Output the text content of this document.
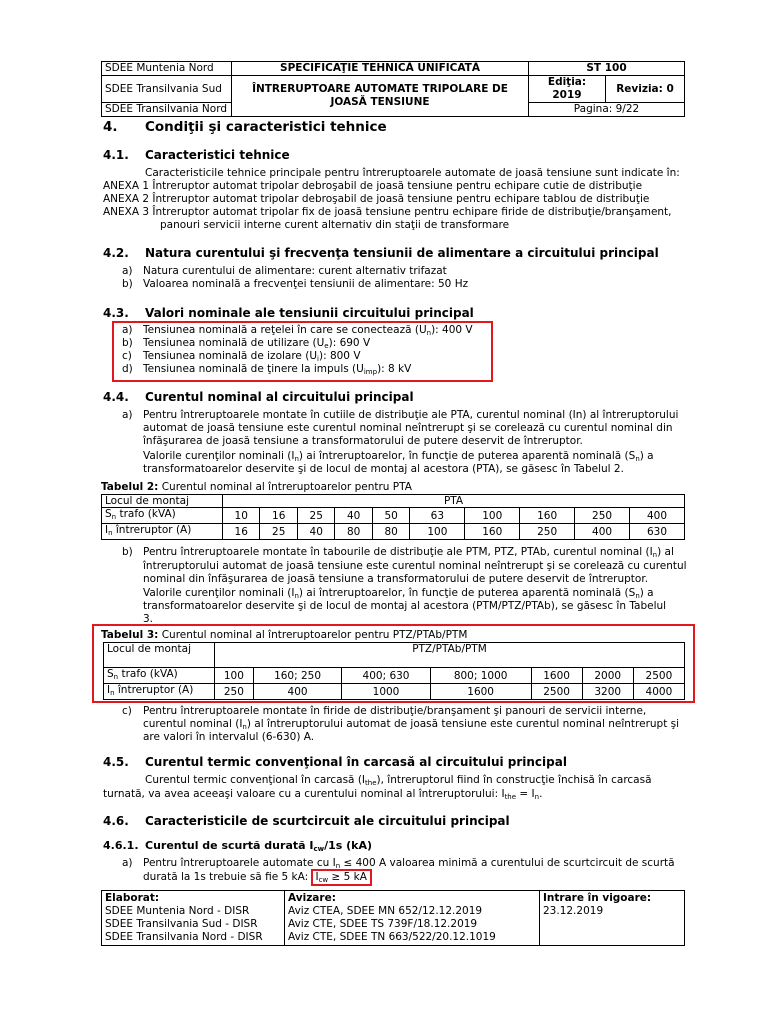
SDEE Muntenia Nord	SPECIFICAŢIE TEHNICĂ UNIFICATĂ	ST 100	
SDEE Transilvania Sud	ÎNTRERUPTOARE AUTOMATE TRIPOLARE DE JOASĂ TENSIUNE	Ediţia: 2019	Revizia: 0
SDEE Transilvania Nord		Pagina: 9/22	
4. Condiţii şi caracteristici tehnice
4.1. Caracteristici tehnice
Caracteristicile tehnice principale pentru întreruptoarele automate de joasă tensiune sunt indicate în:
ANEXA 1 Întreruptor automat tripolar debroşabil de joasă tensiune pentru echipare cutie de distribuţie
ANEXA 2 Întreruptor automat tripolar debroşabil de joasă tensiune pentru echipare tablou de distribuţie
ANEXA 3 Întreruptor automat tripolar fix de joasă tensiune pentru echipare firide de distribuţie/branşament,
panouri servicii interne curent alternativ din staţii de transformare
4.2. Natura curentului şi frecvenţa tensiunii de alimentare a circuitului principal
a) Natura curentului de alimentare: curent alternativ trifazat
b) Valoarea nominală a frecvenţei tensiunii de alimentare: 50 Hz
4.3. Valori nominale ale tensiunii circuitului principal
a) Tensiunea nominală a reţelei în care se conectează $(U_n)$: 400 V
b) Tensiunea nominală de utilizare $(U_e)$: 690 V
c) Tensiunea nominală de izolare $(U_i)$: 800 V
d) Tensiunea nominală de ţinere la impuls $(U_{imp})$: 8 kV
4.4. Curentul nominal al circuitului principal
a) Pentru întreruptoarele montate în cutiile de distribuţie ale PTA, curentul nominal (In) al întreruptorului
automat de joasă tensiune este curentul nominal neîntrerupt şi se corelează cu curentul nominal din
înfăşurarea de joasă tensiune a transformatorului de putere deservit de întreruptor.
Valorile curenţilor nominali $(I_n)$ ai întreruptoarelor, în funcţie de puterea aparentă nominală $(S_n)$ a
transformatoarelor deservite şi de locul de montaj al acestora (PTA), se găsesc în Tabelul 2.
Tabelul 2: Curentul nominal al întreruptoarelor pentru PTA
Locul de montaj	PTA									
$S_n$ trafo (kVA)	10	16	25	40	50	63	100	160	250	400
$I_n$ întreruptor (A)	16	25	40	80	80	100	160	250	400	630
b) Pentru întreruptoarele montate în tabourile de distribuţie ale PTM, PTZ, PTAb, curentul nominal $(I_n)$ al
întreruptorului automat de joasă tensiune este curentul nominal neîntrerupt şi se corelează cu curentul
nominal din înfăşurarea de joasă tensiune a transformatorului de putere deservit de întreruptor.
Valorile curenţilor nominali $(I_n)$ ai întreruptoarelor, în funcţie de puterea aparentă nominală $(S_n)$ a
transformatoarelor deservite şi de locul de montaj al acestora (PTM/PTZ/PTAb), se găsesc în Tabelul
3.
Tabelul 3: Curentul nominal al întreruptoarelor pentru PTZ/PTAb/PTM
Locul de montaj	PTZ/PTAb/PTM						
$S_n$ trafo (kVA)	100	160; 250	400; 630	800; 1000	1600	2000	2500
$I_n$ întreruptor (A)	250	400	1000	1600	2500	3200	4000
c) Pentru întreruptoarele montate în firide de distribuţie/branşament şi panouri de servicii interne,
curentul nominal $(I_n)$ al întreruptorului automat de joasă tensiune este curentul nominal neîntrerupt şi
are valori în intervalul (6-630) A.
4.5. Curentul termic convenţional în carcasă al circuitului principal
Curentul termic convenţional în carcasă $(I_{the})$, întreruptorul fiind în construcţie închisă în carcasă
turnată, va avea aceeaşi valoare cu a curentului nominal al întreruptorului: $I_{the} = I_n$.
4.6. Caracteristicile de scurtcircuit ale circuitului principal
4.6.1. Curentul de scurtă durată $I_{cw}/1s$ (kA)
a) Pentru întreruptoarele automate cu $I_n \le 400$ A valoarea minimă a curentului de scurtcircuit de scurtă
durată la 1s trebuie să fie 5 kA: $I_{cw} \ge 5$ kA
Elaborat:
SDEE Muntenia Nord - DISR
SDEE Transilvania Sud - DISR
SDEE Transilvania Nord - DISR

Avizare:
Aviz CTEA, SDEE MN 652/12.12.2019
Aviz CTE, SDEE TS 739F/18.12.2019
Aviz CTE, SDEE TN 663/522/20.12.1019

Intrare în vigoare:
23.12.2019
